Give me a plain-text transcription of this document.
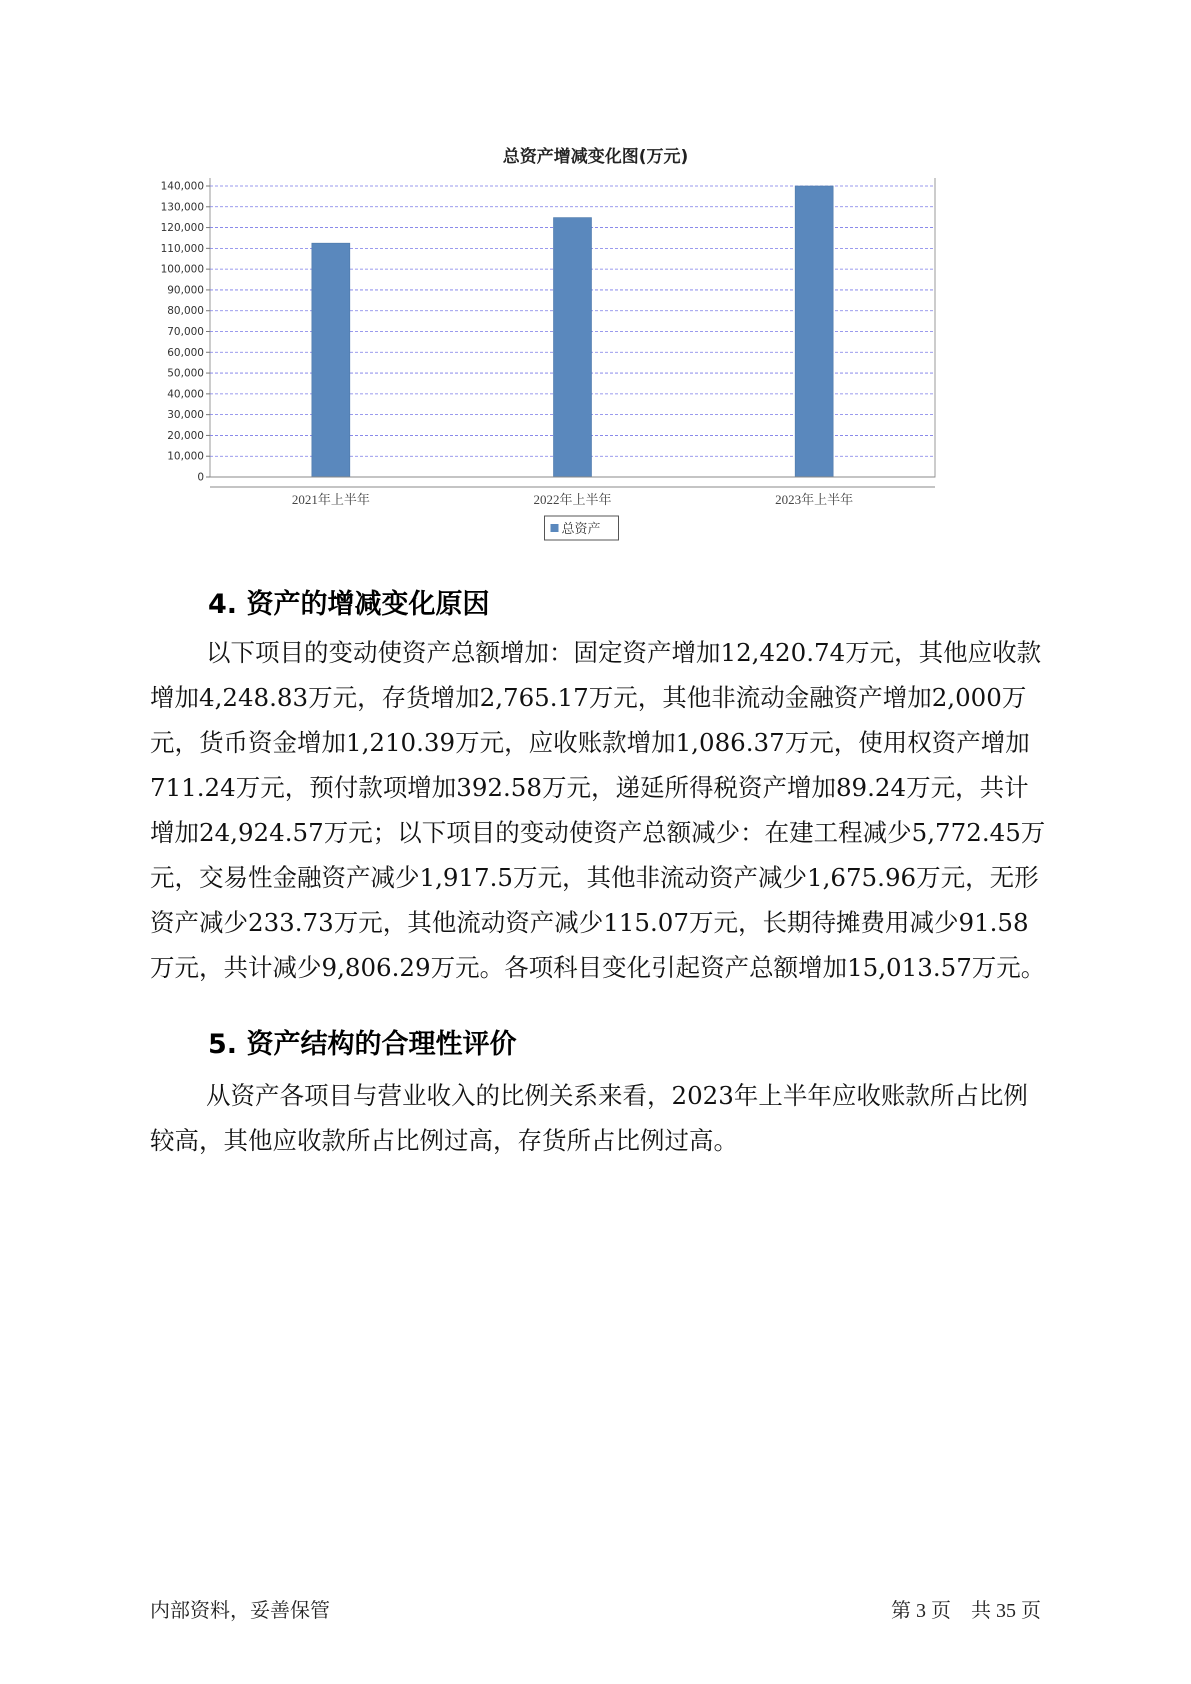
总资产增减变化图(万元)
0
10,000
20,000
30,000
40,000
50,000
60,000
70,000
80,000
90,000
100,000
110,000
120,000
130,000
140,000
2021年上半年	2022年上半年	2023年上半年
总资产
4. 资产的增减变化原因

以下项目的变动使资产总额增加：固定资产增加12,420.74万元，其他应收款增加4,248.83万元，存货增加2,765.17万元，其他非流动金融资产增加2,000万元，货币资金增加1,210.39万元，应收账款增加1,086.37万元，使用权资产增加711.24万元，预付款项增加392.58万元，递延所得税资产增加89.24万元，共计增加24,924.57万元；以下项目的变动使资产总额减少：在建工程减少5,772.45万元，交易性金融资产减少1,917.5万元，其他非流动资产减少1,675.96万元，无形资产减少233.73万元，其他流动资产减少115.07万元，长期待摊费用减少91.58万元，共计减少9,806.29万元。各项科目变化引起资产总额增加15,013.57万元。

5. 资产结构的合理性评价

从资产各项目与营业收入的比例关系来看，2023年上半年应收账款所占比例较高，其他应收款所占比例过高，存货所占比例过高。

内部资料，妥善保管	第 3 页　共 35 页
